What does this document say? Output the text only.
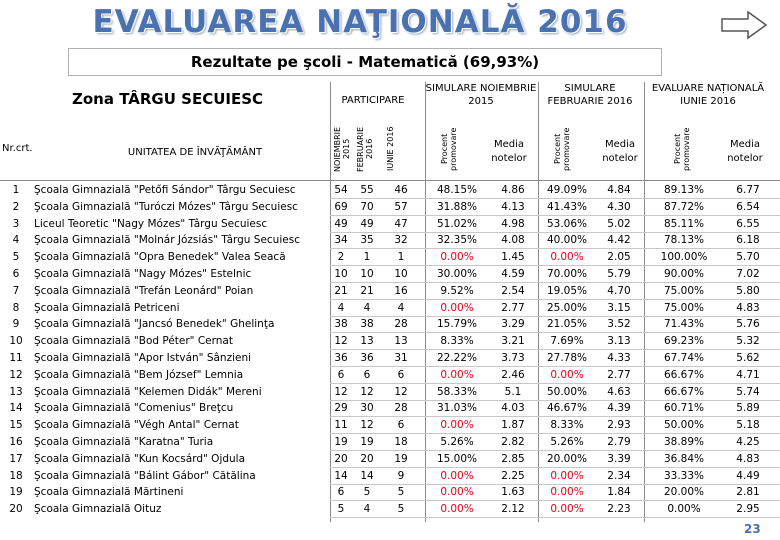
EVALUAREA NAŢIONALĂ 2016
Rezultate pe şcoli - Matematică (69,93%)
Zona TÂRGU SECUIESC	PARTICIPARE
SIMULARE NOIEMBRIE 2015
SIMULARE FEBRUARIE 2016
EVALUARE NAȚIONALĂ IUNIE 2016
Nr.crt.	UNITATEA DE ÎNVĂŢĂMÂNT	NOIEMBRIE 2015 FEBRUARIE 2016 IUNIE 2016	Procent promovare	Procent promovare	Procent promovare
Media notelor
Media notelor
Media notelor
1	Şcoala Gimnazială "Petőfi Sándor" Târgu Secuiesc	54	55	46	48.15%	4.86	49.09%	4.84	89.13%	6.77
2	Şcoala Gimnazială "Turóczi Mózes" Târgu Secuiesc	69	70	57	31.88%	4.13	41.43%	4.30	87.72%	6.54
3	Liceul Teoretic "Nagy Mózes" Târgu Secuiesc	49	49	47	51.02%	4.98	53.06%	5.02	85.11%	6.55
4	Şcoala Gimnazială "Molnár Józsiás" Târgu Secuiesc	34	35	32	32.35%	4.08	40.00%	4.42	78.13%	6.18
5	Şcoala Gimnazială "Opra Benedek" Valea Seacă	2	1	1	0.00%	1.45	0.00%	2.05	100.00%	5.70
6	Şcoala Gimnazială "Nagy Mózes" Estelnic	10	10	10	30.00%	4.59	70.00%	5.79	90.00%	7.02
7	Şcoala Gimnazială "Trefán Leonárd" Poian	21	21	16	9.52%	2.54	19.05%	4.70	75.00%	5.80
8	Şcoala Gimnazială Petriceni	4	4	4	0.00%	2.77	25.00%	3.15	75.00%	4.83
9	Şcoala Gimnazială "Jancsó Benedek" Ghelinţa	38	38	28	15.79%	3.29	21.05%	3.52	71.43%	5.76
10	Şcoala Gimnazială "Bod Péter" Cernat	12	13	13	8.33%	3.21	7.69%	3.13	69.23%	5.32
11	Şcoala Gimnazială "Apor István" Sânzieni	36	36	31	22.22%	3.73	27.78%	4.33	67.74%	5.62
12	Şcoala Gimnazială "Bem József" Lemnia	6	6	6	0.00%	2.46	0.00%	2.77	66.67%	4.71
13	Şcoala Gimnazială "Kelemen Didák" Mereni	12	12	12	58.33%	5.1	50.00%	4.63	66.67%	5.74
14	Şcoala Gimnazială "Comenius" Breţcu	29	30	28	31.03%	4.03	46.67%	4.39	60.71%	5.89
15	Şcoala Gimnazială "Végh Antal" Cernat	11	12	6	0.00%	1.87	8.33%	2.93	50.00%	5.18
16	Şcoala Gimnazială "Karatna" Turia	19	19	18	5.26%	2.82	5.26%	2.79	38.89%	4.25
17	Şcoala Gimnazială "Kun Kocsárd" Ojdula	20	20	19	15.00%	2.85	20.00%	3.39	36.84%	4.83
18	Şcoala Gimnazială "Bálint Gábor" Cătălina	14	14	9	0.00%	2.25	0.00%	2.34	33.33%	4.49
19	Şcoala Gimnazială Mărtineni	6	5	5	0.00%	1.63	0.00%	1.84	20.00%	2.81
20	Şcoala Gimnazială Oituz	5	4	5	0.00%	2.12	0.00%	2.23	0.00%	2.95
23
